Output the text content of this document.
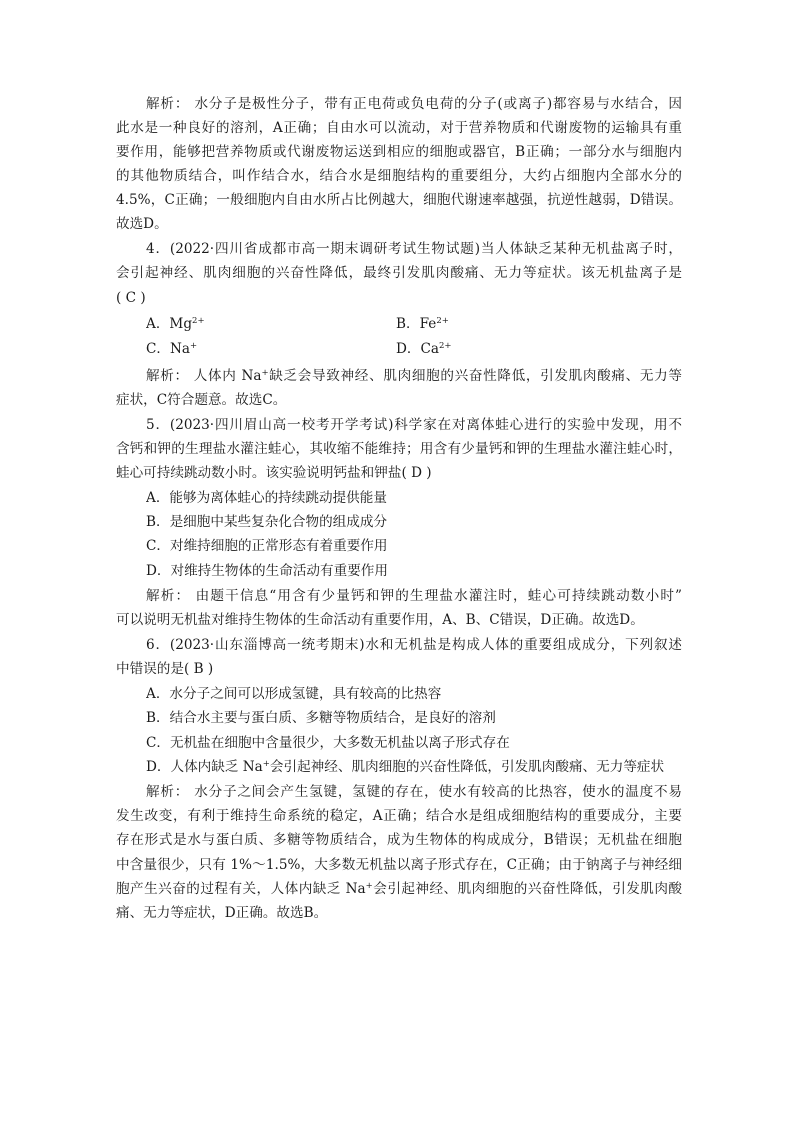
解析： 水分子是极性分子，带有正电荷或负电荷的分子(或离子)都容易与水结合，因
此水是一种良好的溶剂，A正确；自由水可以流动，对于营养物质和代谢废物的运输具有重
要作用，能够把营养物质或代谢废物运送到相应的细胞或器官，B正确；一部分水与细胞内
的其他物质结合，叫作结合水，结合水是细胞结构的重要组分，大约占细胞内全部水分的
4.5%，C正确；一般细胞内自由水所占比例越大，细胞代谢速率越强，抗逆性越弱，D错误。
故选D。
4．(2022·四川省成都市高一期末调研考试生物试题)当人体缺乏某种无机盐离子时，
会引起神经、肌肉细胞的兴奋性降低，最终引发肌肉酸痛、无力等症状。该无机盐离子是
( C )
A．$Mg^{2+}$	B．$Fe^{2+}$
C．Na+	D．$Ca^{2+}$
解析： 人体内 Na+缺乏会导致神经、肌肉细胞的兴奋性降低，引发肌肉酸痛、无力等
症状，C符合题意。故选C。
5．(2023·四川眉山高一校考开学考试)科学家在对离体蛙心进行的实验中发现，用不
含钙和钾的生理盐水灌注蛙心，其收缩不能维持；用含有少量钙和钾的生理盐水灌注蛙心时，
蛙心可持续跳动数小时。该实验说明钙盐和钾盐( D )
A．能够为离体蛙心的持续跳动提供能量
B．是细胞中某些复杂化合物的组成成分
C．对维持细胞的正常形态有着重要作用
D．对维持生物体的生命活动有重要作用
解析： 由题干信息“用含有少量钙和钾的生理盐水灌注时，蛙心可持续跳动数小时”
可以说明无机盐对维持生物体的生命活动有重要作用，A、B、C错误，D正确。故选D。
6．(2023·山东淄博高一统考期末)水和无机盐是构成人体的重要组成成分，下列叙述
中错误的是( B )
A．水分子之间可以形成氢键，具有较高的比热容
B．结合水主要与蛋白质、多糖等物质结合，是良好的溶剂
C．无机盐在细胞中含量很少，大多数无机盐以离子形式存在
D．人体内缺乏 Na+会引起神经、肌肉细胞的兴奋性降低，引发肌肉酸痛、无力等症状
解析： 水分子之间会产生氢键，氢键的存在，使水有较高的比热容，使水的温度不易
发生改变，有利于维持生命系统的稳定，A正确；结合水是组成细胞结构的重要成分，主要
存在形式是水与蛋白质、多糖等物质结合，成为生物体的构成成分，B错误；无机盐在细胞
中含量很少，只有 1%～1.5%，大多数无机盐以离子形式存在，C正确；由于钠离子与神经细
胞产生兴奋的过程有关，人体内缺乏 Na+会引起神经、肌肉细胞的兴奋性降低，引发肌肉酸
痛、无力等症状，D正确。故选B。
